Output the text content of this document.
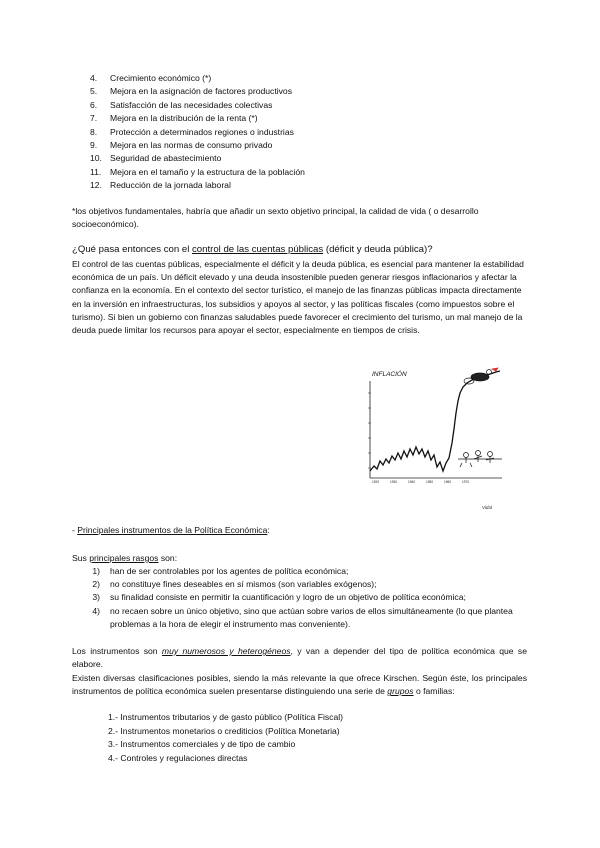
4.	Crecimiento económico (*)
5.	Mejora en la asignación de factores productivos
6.	Satisfacción de las necesidades colectivas
7.	Mejora en la distribución de la renta (*)
8.	Protección a determinados regiones o industrias
9.	Mejora en las normas de consumo privado
10. Seguridad de abastecimiento
11.	Mejora en el tamaño y la estructura de la población
12. Reducción de la jornada laboral
*los objetivos fundamentales, habría que añadir un sexto objetivo principal, la calidad de vida ( o desarrollo socioeconómico).
¿Qué pasa entonces con el control de las cuentas públicas (déficit y deuda pública)?
El control de las cuentas públicas, especialmente el déficit y la deuda pública, es esencial para mantener la estabilidad económica de un país. Un déficit elevado y una deuda insostenible pueden generar riesgos inflacionarios y afectar la confianza en la economía. En el contexto del sector turístico, el manejo de las finanzas públicas impacta directamente en la inversión en infraestructuras, los subsidios y apoyos al sector, y las políticas fiscales (como impuestos sobre el turismo). Si bien un gobierno con finanzas saludables puede favorecer el crecimiento del turismo, un mal manejo de la deuda puede limitar los recursos para apoyar el sector, especialmente en tiempos de crisis.
INFLACIÓN
1920	1930	1940	1950	1960	1970
Vidal
- Principales instrumentos de la Política Económica:
Sus principales rasgos son:
1)	han de ser controlables por los agentes de política económica;
2)	no constituye fines deseables en sí mismos (son variables exógenos);
3)	su finalidad consiste en permitir la cuantificación y logro de un objetivo de política económica;
4)	no recaen sobre un único objetivo, sino que actúan sobre varios de ellos simultáneamente (lo que plantea problemas a la hora de elegir el instrumento mas conveniente).
Los instrumentos son muy numerosos y heterogéneos, y van a depender del tipo de política económica que se elabore.
Existen diversas clasificaciones posibles, siendo la más relevante la que ofrece Kirschen. Según éste, los principales instrumentos de política económica suelen presentarse distinguiendo una serie de grupos o familias:
1.- Instrumentos tributarios y de gasto público (Política Fiscal)
2.- Instrumentos monetarios o crediticios (Política Monetaria)
3.- Instrumentos comerciales y de tipo de cambio
4.- Controles y regulaciones directas
